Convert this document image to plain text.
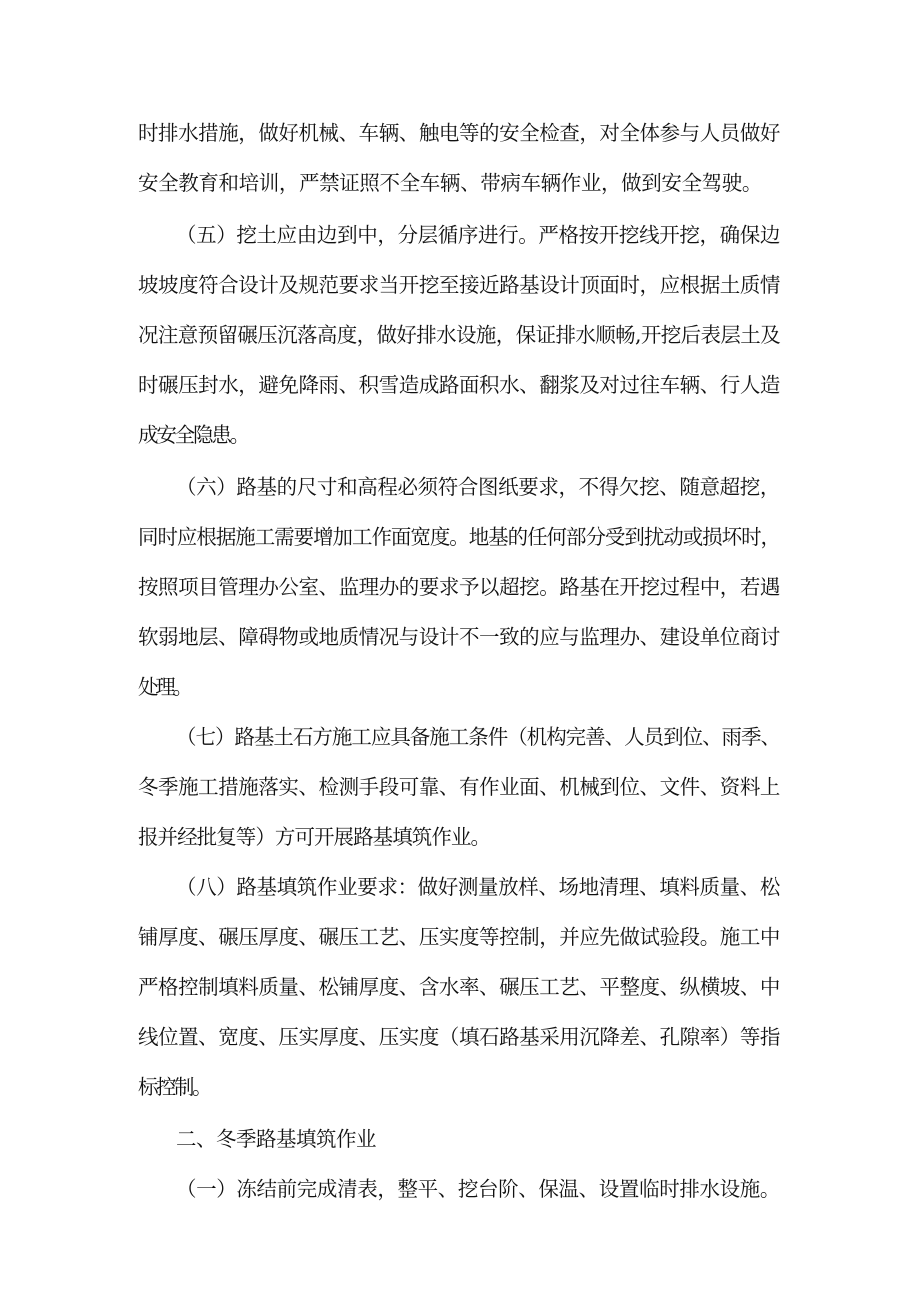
时排水措施，做好机械、车辆、触电等的安全检查，对全体参与人员做好
安全教育和培训，严禁证照不全车辆、带病车辆作业，做到安全驾驶。
（五）挖土应由边到中，分层循序进行。严格按开挖线开挖，确保边
坡坡度符合设计及规范要求当开挖至接近路基设计顶面时，应根据土质情
况注意预留碾压沉落高度，做好排水设施，保证排水顺畅,开挖后表层土及
时碾压封水，避免降雨、积雪造成路面积水、翻浆及对过往车辆、行人造
成安全隐患。
（六）路基的尺寸和高程必须符合图纸要求，不得欠挖、随意超挖，
同时应根据施工需要增加工作面宽度。地基的任何部分受到扰动或损坏时，
按照项目管理办公室、监理办的要求予以超挖。路基在开挖过程中，若遇
软弱地层、障碍物或地质情况与设计不一致的应与监理办、建设单位商讨
处理。
（七）路基土石方施工应具备施工条件（机构完善、人员到位、雨季、
冬季施工措施落实、检测手段可靠、有作业面、机械到位、文件、资料上
报并经批复等）方可开展路基填筑作业。
（八）路基填筑作业要求：做好测量放样、场地清理、填料质量、松
铺厚度、碾压厚度、碾压工艺、压实度等控制，并应先做试验段。施工中
严格控制填料质量、松铺厚度、含水率、碾压工艺、平整度、纵横坡、中
线位置、宽度、压实厚度、压实度（填石路基采用沉降差、孔隙率）等指
标控制。
二、冬季路基填筑作业
（一）冻结前完成清表，整平、挖台阶、保温、设置临时排水设施。
